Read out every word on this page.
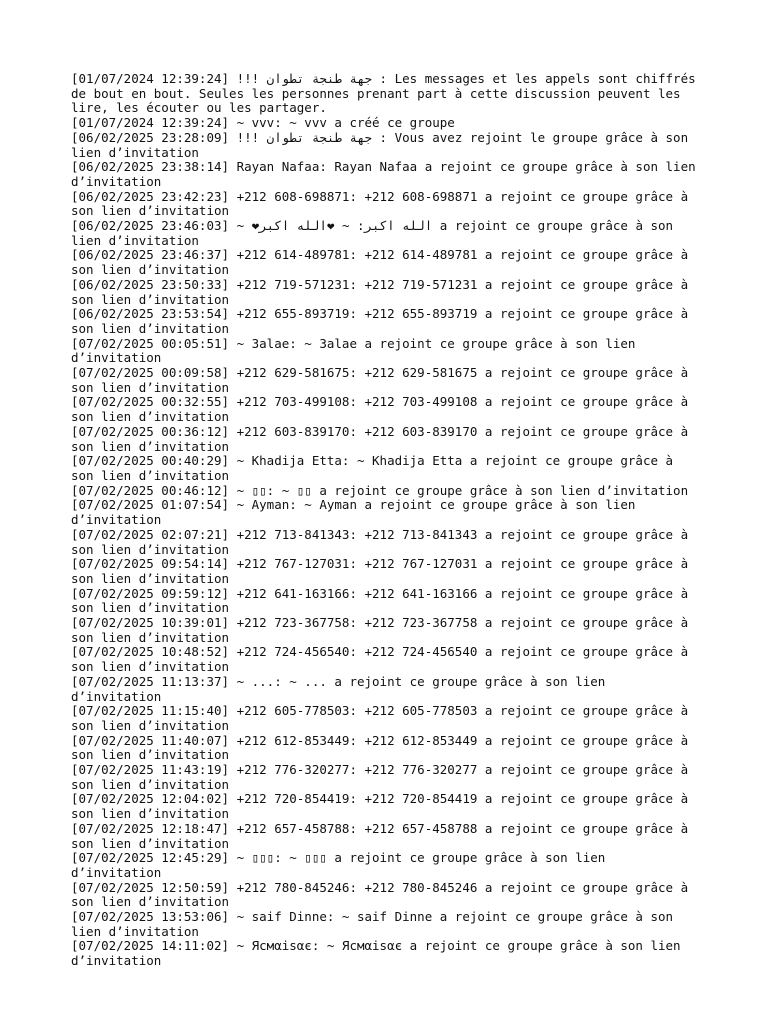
[01/07/2024 12:39:24] !!! جهة طنجة تطوان : Les messages et les appels sont chiffrés de bout en bout. Seules les personnes prenant part à cette discussion peuvent les lire, les écouter ou les partager.
[01/07/2024 12:39:24] ~ vvv: ~ vvv a créé ce groupe
[06/02/2025 23:28:09] !!! جهة طنجة تطوان : Vous avez rejoint le groupe grâce à son lien d’invitation
[06/02/2025 23:38:14] Rayan Nafaa: Rayan Nafaa a rejoint ce groupe grâce à son lien d’invitation
[06/02/2025 23:42:23] +212 608-698871: +212 608-698871 a rejoint ce groupe grâce à son lien d’invitation
[06/02/2025 23:46:03] ~ ❤الله اكبر: ~ ❤الله اكبر a rejoint ce groupe grâce à son lien d’invitation
[06/02/2025 23:46:37] +212 614-489781: +212 614-489781 a rejoint ce groupe grâce à son lien d’invitation
[06/02/2025 23:50:33] +212 719-571231: +212 719-571231 a rejoint ce groupe grâce à son lien d’invitation
[06/02/2025 23:53:54] +212 655-893719: +212 655-893719 a rejoint ce groupe grâce à son lien d’invitation
[07/02/2025 00:05:51] ~ 3alae: ~ 3alae a rejoint ce groupe grâce à son lien d’invitation
[07/02/2025 00:09:58] +212 629-581675: +212 629-581675 a rejoint ce groupe grâce à son lien d’invitation
[07/02/2025 00:32:55] +212 703-499108: +212 703-499108 a rejoint ce groupe grâce à son lien d’invitation
[07/02/2025 00:36:12] +212 603-839170: +212 603-839170 a rejoint ce groupe grâce à son lien d’invitation
[07/02/2025 00:40:29] ~ Khadija Etta: ~ Khadija Etta a rejoint ce groupe grâce à son lien d’invitation
[07/02/2025 00:46:12] ~ ▯▯: ~ ▯▯ a rejoint ce groupe grâce à son lien d’invitation
[07/02/2025 01:07:54] ~ Ayman: ~ Ayman a rejoint ce groupe grâce à son lien d’invitation
[07/02/2025 02:07:21] +212 713-841343: +212 713-841343 a rejoint ce groupe grâce à son lien d’invitation
[07/02/2025 09:54:14] +212 767-127031: +212 767-127031 a rejoint ce groupe grâce à son lien d’invitation
[07/02/2025 09:59:12] +212 641-163166: +212 641-163166 a rejoint ce groupe grâce à son lien d’invitation
[07/02/2025 10:39:01] +212 723-367758: +212 723-367758 a rejoint ce groupe grâce à son lien d’invitation
[07/02/2025 10:48:52] +212 724-456540: +212 724-456540 a rejoint ce groupe grâce à son lien d’invitation
[07/02/2025 11:13:37] ~ ...: ~ ... a rejoint ce groupe grâce à son lien d’invitation
[07/02/2025 11:15:40] +212 605-778503: +212 605-778503 a rejoint ce groupe grâce à son lien d’invitation
[07/02/2025 11:40:07] +212 612-853449: +212 612-853449 a rejoint ce groupe grâce à son lien d’invitation
[07/02/2025 11:43:19] +212 776-320277: +212 776-320277 a rejoint ce groupe grâce à son lien d’invitation
[07/02/2025 12:04:02] +212 720-854419: +212 720-854419 a rejoint ce groupe grâce à son lien d’invitation
[07/02/2025 12:18:47] +212 657-458788: +212 657-458788 a rejoint ce groupe grâce à son lien d’invitation
[07/02/2025 12:45:29] ~ ▯▯▯: ~ ▯▯▯ a rejoint ce groupe grâce à son lien d’invitation
[07/02/2025 12:50:59] +212 780-845246: +212 780-845246 a rejoint ce groupe grâce à son lien d’invitation
[07/02/2025 13:53:06] ~ saif Dinne: ~ saif Dinne a rejoint ce groupe grâce à son lien d’invitation
[07/02/2025 14:11:02] ~ Ясмαisαє: ~ Ясмαisαє a rejoint ce groupe grâce à son lien d’invitation
